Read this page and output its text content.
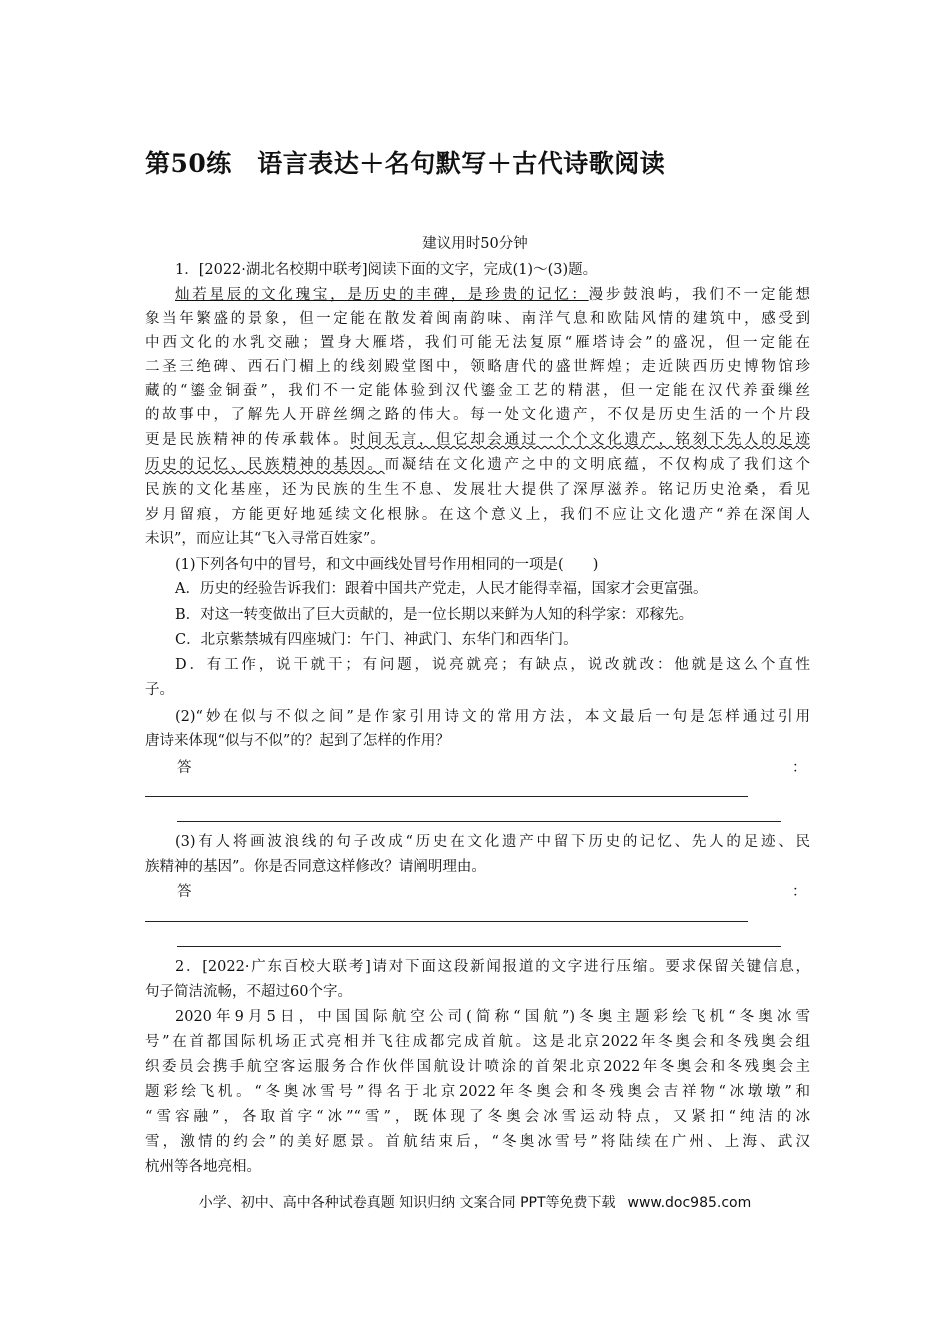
第50练　语言表达＋名句默写＋古代诗歌阅读
建议用时50分钟
1．[2022·湖北名校期中联考]阅读下面的文字，完成(1)～(3)题。
灿若星辰的文化瑰宝，是历史的丰碑，是珍贵的记忆：漫步鼓浪屿，我们不一定能想
象当年繁盛的景象，但一定能在散发着闽南韵味、南洋气息和欧陆风情的建筑中，感受到
中西文化的水乳交融；置身大雁塔，我们可能无法复原“雁塔诗会”的盛况，但一定能在
二圣三绝碑、西石门楣上的线刻殿堂图中，领略唐代的盛世辉煌；走近陕西历史博物馆珍
藏的“鎏金铜蚕”，我们不一定能体验到汉代鎏金工艺的精湛，但一定能在汉代养蚕缫丝
的故事中，了解先人开辟丝绸之路的伟大。每一处文化遗产，不仅是历史生活的一个片段
更是民族精神的传承载体。时间无言，但它却会通过一个个文化遗产，铭刻下先人的足迹
历史的记忆、民族精神的基因。而凝结在文化遗产之中的文明底蕴，不仅构成了我们这个
民族的文化基座，还为民族的生生不息、发展壮大提供了深厚滋养。铭记历史沧桑，看见
岁月留痕，方能更好地延续文化根脉。在这个意义上，我们不应让文化遗产“养在深闺人
未识”，而应让其“飞入寻常百姓家”。
(1)下列各句中的冒号，和文中画线处冒号作用相同的一项是(　　)
A．历史的经验告诉我们：跟着中国共产党走，人民才能得幸福，国家才会更富强。
B．对这一转变做出了巨大贡献的，是一位长期以来鲜为人知的科学家：邓稼先。
C．北京紫禁城有四座城门：午门、神武门、东华门和西华门。
D．有工作，说干就干；有问题，说亮就亮；有缺点，说改就改：他就是这么个直性
子。
(2)“妙在似与不似之间”是作家引用诗文的常用方法，本文最后一句是怎样通过引用
唐诗来体现“似与不似”的？起到了怎样的作用？
答	：
(3)有人将画波浪线的句子改成“历史在文化遗产中留下历史的记忆、先人的足迹、民
族精神的基因”。你是否同意这样修改？请阐明理由。
答	：
2．[2022·广东百校大联考]请对下面这段新闻报道的文字进行压缩。要求保留关键信息，
句子简洁流畅，不超过60个字。
2020年9月5日，中国国际航空公司(简称“国航”)冬奥主题彩绘飞机“冬奥冰雪
号”在首都国际机场正式亮相并飞往成都完成首航。这是北京2022年冬奥会和冬残奥会组
织委员会携手航空客运服务合作伙伴国航设计喷涂的首架北京2022年冬奥会和冬残奥会主
题彩绘飞机。“冬奥冰雪号”得名于北京2022年冬奥会和冬残奥会吉祥物“冰墩墩”和
“雪容融”，各取首字“冰”“雪”，既体现了冬奥会冰雪运动特点，又紧扣“纯洁的冰
雪，激情的约会”的美好愿景。首航结束后，“冬奥冰雪号”将陆续在广州、上海、武汉
杭州等各地亮相。
小学、初中、高中各种试卷真题 知识归纳 文案合同 PPT等免费下载 www.doc985.com
